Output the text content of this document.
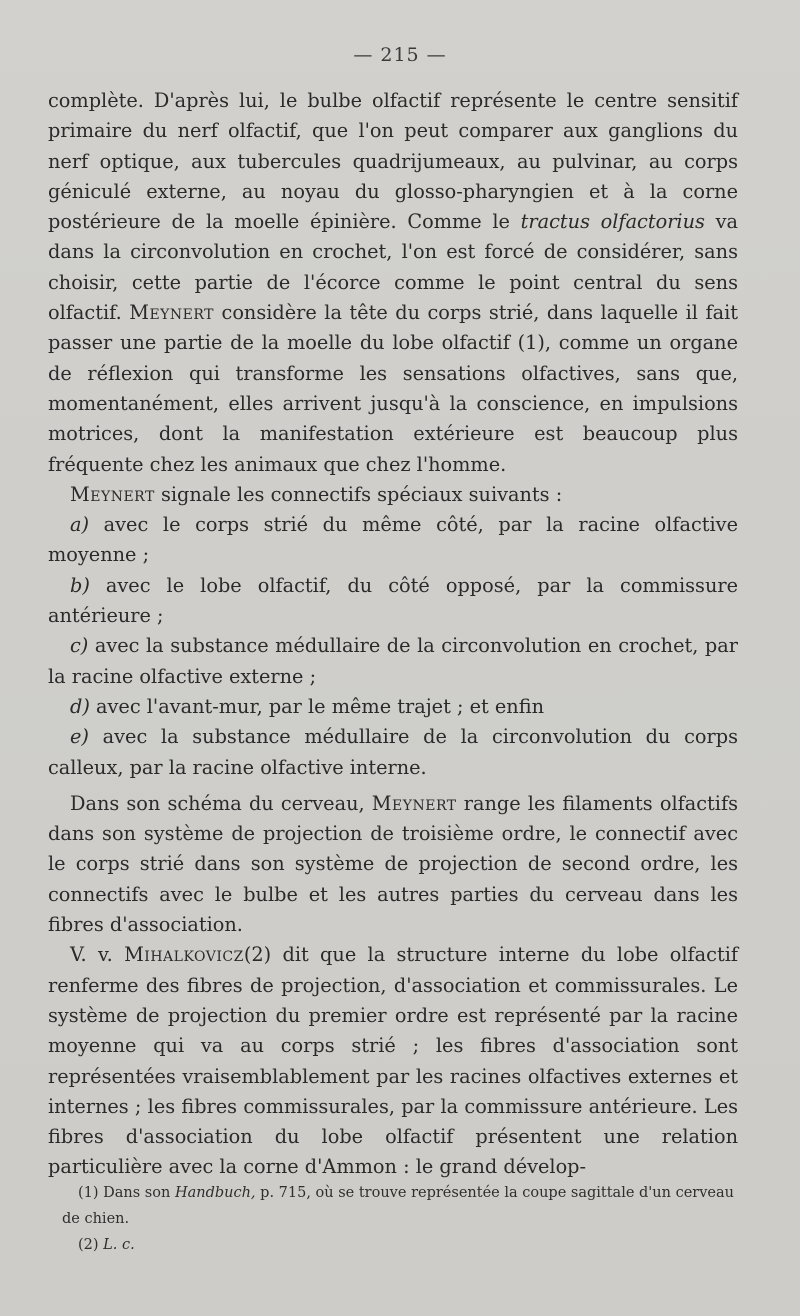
— 215 —

complète. D'après lui, le bulbe olfactif représente le centre sensitif primaire du nerf olfactif, que l'on peut comparer aux ganglions du nerf optique, aux tubercules quadrijumeaux, au pulvinar, au corps géniculé externe, au noyau du glosso-pharyngien et à la corne postérieure de la moelle épinière. Comme le tractus olfactorius va dans la circonvolution en crochet, l'on est forcé de considérer, sans choisir, cette partie de l'écorce comme le point central du sens olfactif. Meynert considère la tête du corps strié, dans laquelle il fait passer une partie de la moelle du lobe olfactif (1), comme un organe de réflexion qui transforme les sensations olfactives, sans que, momentanément, elles arrivent jusqu'à la conscience, en impulsions motrices, dont la manifestation extérieure est beaucoup plus fréquente chez les animaux que chez l'homme.

Meynert signale les connectifs spéciaux suivants :

a) avec le corps strié du même côté, par la racine olfactive moyenne ;

b) avec le lobe olfactif, du côté opposé, par la commissure antérieure ;

c) avec la substance médullaire de la circonvolution en crochet, par la racine olfactive externe ;

d) avec l'avant-mur, par le même trajet ; et enfin

e) avec la substance médullaire de la circonvolution du corps calleux, par la racine olfactive interne.

Dans son schéma du cerveau, Meynert range les filaments olfactifs dans son système de projection de troisième ordre, le connectif avec le corps strié dans son système de projection de second ordre, les connectifs avec le bulbe et les autres parties du cerveau dans les fibres d'association.

V. v. Mihalkovicz(2) dit que la structure interne du lobe olfactif renferme des fibres de projection, d'association et commissurales. Le système de projection du premier ordre est représenté par la racine moyenne qui va au corps strié ; les fibres d'association sont représentées vraisemblablement par les racines olfactives externes et internes ; les fibres commissurales, par la commissure antérieure. Les fibres d'association du lobe olfactif présentent une relation particulière avec la corne d'Ammon : le grand dévelop-

(1) Dans son Handbuch, p. 715, où se trouve représentée la coupe sagittale d'un cerveau de chien.

(2) L. c.
